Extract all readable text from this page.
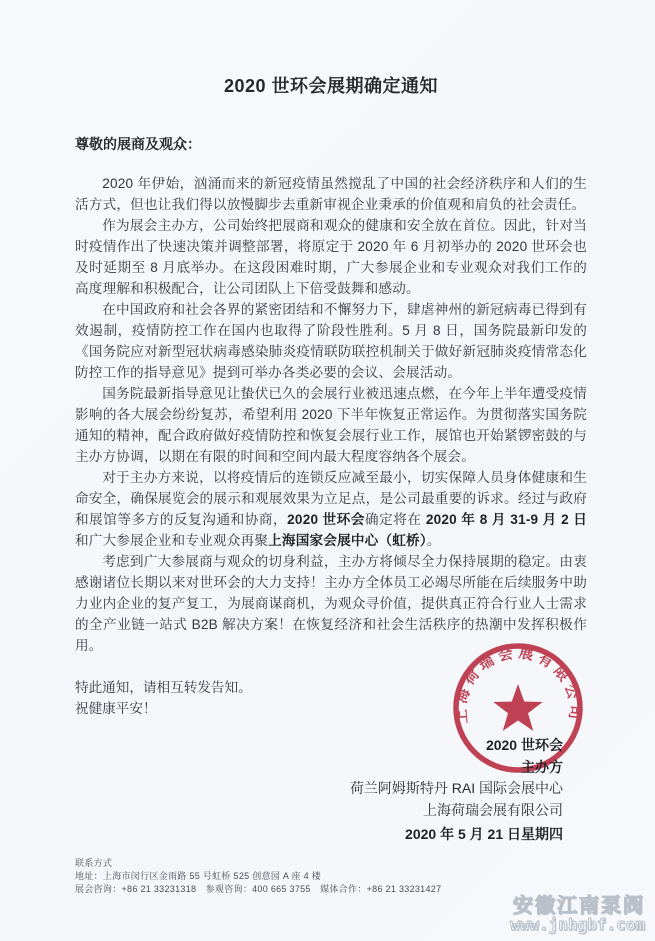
2020 世环会展期确定通知
尊敬的展商及观众：

2020 年伊始，汹涌而来的新冠疫情虽然搅乱了中国的社会经济秩序和人们的生活方式，但也让我们得以放慢脚步去重新审视企业秉承的价值观和肩负的社会责任。

作为展会主办方，公司始终把展商和观众的健康和安全放在首位。因此，针对当时疫情作出了快速决策并调整部署，将原定于 2020 年 6 月初举办的 2020 世环会也及时延期至 8 月底举办。在这段困难时期，广大参展企业和专业观众对我们工作的高度理解和积极配合，让公司团队上下倍受鼓舞和感动。

在中国政府和社会各界的紧密团结和不懈努力下，肆虐神州的新冠病毒已得到有效遏制，疫情防控工作在国内也取得了阶段性胜利。5 月 8 日，国务院最新印发的《国务院应对新型冠状病毒感染肺炎疫情联防联控机制关于做好新冠肺炎疫情常态化防控工作的指导意见》提到可举办各类必要的会议、会展活动。

国务院最新指导意见让蛰伏已久的会展行业被迅速点燃，在今年上半年遭受疫情影响的各大展会纷纷复苏，希望利用 2020 下半年恢复正常运作。为贯彻落实国务院通知的精神，配合政府做好疫情防控和恢复会展行业工作，展馆也开始紧锣密鼓的与主办方协调，以期在有限的时间和空间内最大程度容纳各个展会。

对于主办方来说，以将疫情后的连锁反应减至最小，切实保障人员身体健康和生命安全，确保展览会的展示和观展效果为立足点，是公司最重要的诉求。经过与政府和展馆等多方的反复沟通和协商，2020 世环会确定将在 2020 年 8 月 31-9 月 2 日和广大参展企业和专业观众再聚上海国家会展中心（虹桥）。

考虑到广大参展商与观众的切身利益，主办方将倾尽全力保持展期的稳定。由衷感谢诸位长期以来对世环会的大力支持！主办方全体员工必竭尽所能在后续服务中助力业内企业的复产复工，为展商谋商机，为观众寻价值，提供真正符合行业人士需求的全产业链一站式 B2B 解决方案！在恢复经济和社会生活秩序的热潮中发挥积极作用。

特此通知，请相互转发告知。

祝健康平安！

2020 世环会
主办方
荷兰阿姆斯特丹 RAI 国际会展中心
上海荷瑞会展有限公司
2020 年 5 月 21 日星期四
上海荷瑞会展有限公司
联系方式
地址：上海市闵行区金雨路 55 号虹桥 525 创意园 A 座 4 楼
展会咨询：+86 21 33231318　参观咨询：400 665 3755　媒体合作：+86 21 33231427
安徽江南泵阀
www.jnhgbf.com
